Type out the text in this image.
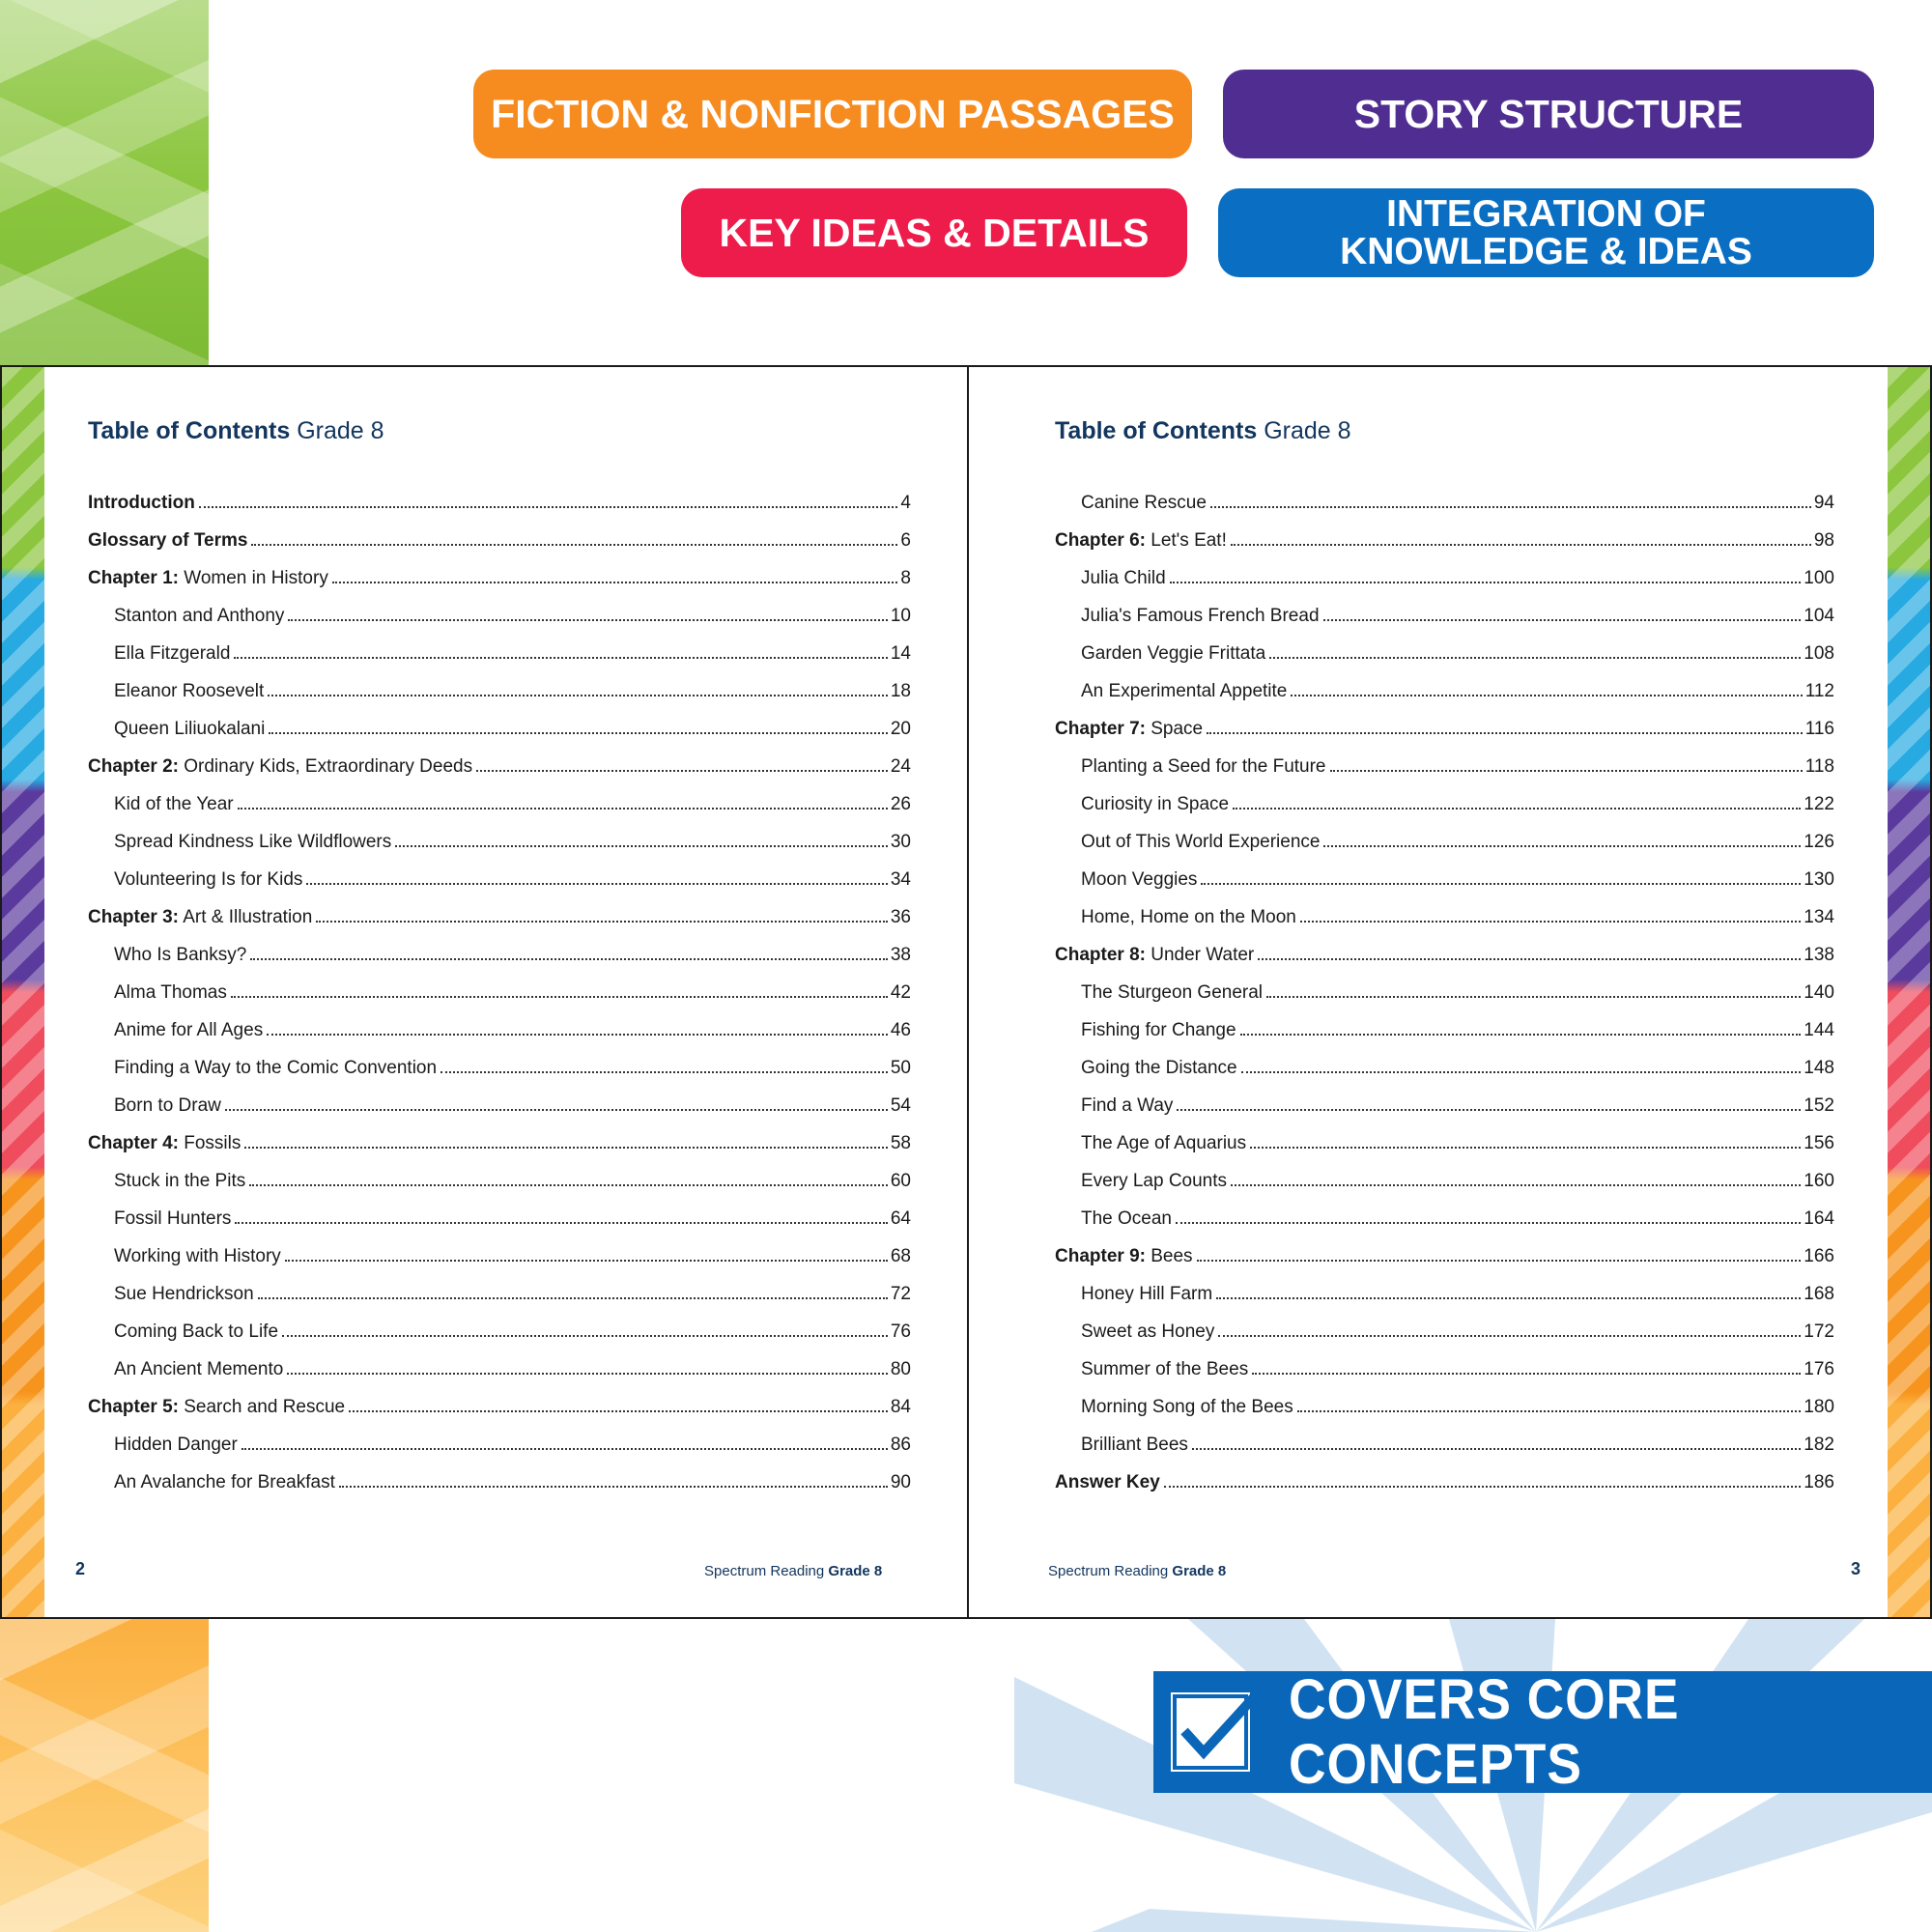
FICTION & NONFICTION PASSAGES	STORY STRUCTURE
KEY IDEAS & DETAILS	INTEGRATION OF
KNOWLEDGE & IDEAS
Table of Contents Grade 8
Introduction	4
Glossary of Terms	6
Chapter 1: Women in History	8
Stanton and Anthony	10
Ella Fitzgerald	14
Eleanor Roosevelt	18
Queen Liliuokalani	20
Chapter 2: Ordinary Kids, Extraordinary Deeds	24
Kid of the Year	26
Spread Kindness Like Wildflowers	30
Volunteering Is for Kids	34
Chapter 3: Art & Illustration	36
Who Is Banksy?	38
Alma Thomas	42
Anime for All Ages	46
Finding a Way to the Comic Convention	50
Born to Draw	54
Chapter 4: Fossils	58
Stuck in the Pits	60
Fossil Hunters	64
Working with History	68
Sue Hendrickson	72
Coming Back to Life	76
An Ancient Memento	80
Chapter 5: Search and Rescue	84
Hidden Danger	86
An Avalanche for Breakfast	90
2	Spectrum Reading Grade 8
Table of Contents Grade 8
Canine Rescue	94
Chapter 6: Let's Eat!	98
Julia Child	100
Julia's Famous French Bread	104
Garden Veggie Frittata	108
An Experimental Appetite	112
Chapter 7: Space	116
Planting a Seed for the Future	118
Curiosity in Space	122
Out of This World Experience	126
Moon Veggies	130
Home, Home on the Moon	134
Chapter 8: Under Water	138
The Sturgeon General	140
Fishing for Change	144
Going the Distance	148
Find a Way	152
The Age of Aquarius	156
Every Lap Counts	160
The Ocean	164
Chapter 9: Bees	166
Honey Hill Farm	168
Sweet as Honey	172
Summer of the Bees	176
Morning Song of the Bees	180
Brilliant Bees	182
Answer Key	186
Spectrum Reading Grade 8	3
COVERS CORE CONCEPTS
